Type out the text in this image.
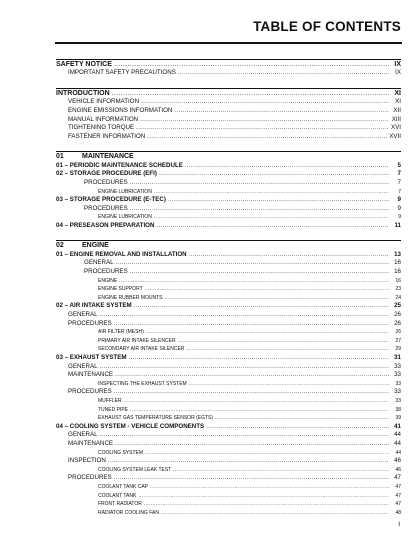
TABLE OF CONTENTS
SAFETY NOTICE .....	IX
IMPORTANT SAFETY PRECAUTIONS .....	IX
INTRODUCTION .....	XI
VEHICLE INFORMATION .....	XI
ENGINE EMISSIONS INFORMATION .....	XII
MANUAL INFORMATION .....	XIII
TIGHTENING TORQUE .....	XVI
FASTENER INFORMATION .....	XVII
01	MAINTENANCE
01 – PERIODIC MAINTENANCE SCHEDULE .....	5
02 – STORAGE PROCEDURE (EFI) .....	7
PROCEDURES .....	7
ENGINE LUBRICATION .....	7
03 – STORAGE PROCEDURE (E-TEC) .....	9
PROCEDURES .....	9
ENGINE LUBRICATION .....	9
04 – PRESEASON PREPARATION .....	11
02	ENGINE
01 – ENGINE REMOVAL AND INSTALLATION .....	13
GENERAL .....	16
PROCEDURES .....	16
ENGINE .....	16
ENGINE SUPPORT .....	23
ENGINE RUBBER MOUNTS .....	24
02 – AIR INTAKE SYSTEM .....	25
GENERAL .....	26
PROCEDURES .....	26
AIR FILTER (MESH) .....	26
PRIMARY AIR INTAKE SILENCER .....	27
SECONDARY AIR INTAKE SILENCER .....	29
03 – EXHAUST SYSTEM .....	31
GENERAL .....	33
MAINTENANCE .....	33
INSPECTING THE EXHAUST SYSTEM .....	33
PROCEDURES .....	33
MUFFLER .....	33
TUNED PIPE .....	38
EXHAUST GAS TEMPERATURE SENSOR (EGTS) .....	39
04 – COOLING SYSTEM - VEHICLE COMPONENTS .....	41
GENERAL .....	44
MAINTENANCE .....	44
COOLING SYSTEM .....	44
INSPECTION .....	46
COOLING SYSTEM LEAK TEST .....	46
PROCEDURES .....	47
COOLANT TANK CAP .....	47
COOLANT TANK .....	47
FRONT RADIATOR .....	47
RADIATOR COOLING FAN .....	48
I
